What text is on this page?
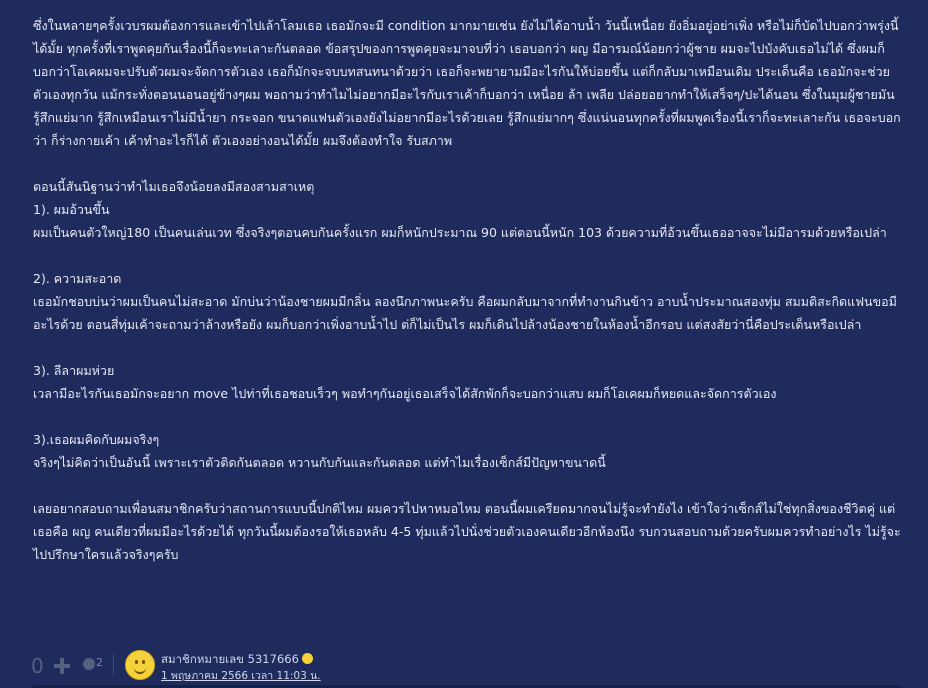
ซึ่งในหลายๆครั้งเวบรผมต้องการและเข้าไปเล้าโลมเธอ เธอมักจะมี condition มากมายเช่น ยังไม่ได้อาบน้ำ วันนี้เหนื่อย ยังอิ่มอยู่อย่าเพิ่ง หรือไม่ก็บัดไปบอกว่าพรุ่งนี้ได้มั้ย ทุกครั้งที่เราพูดคุยกันเรื่องนี้ก็จะทะเลาะกันตลอด ข้อสรุปของการพูดคุยจะมาจบที่ว่า เธอบอกว่า ผญ มีอารมณ์น้อยกว่าผู้ชาย ผมจะไปบังคับเธอไม่ได้ ซึ่งผมก็บอกว่าโอเคผมจะปรับตัวผมจะจัดการตัวเอง เธอก็มักจะจบบทสนทนาด้วยว่า เธอก็จะพยายามมีอะไรกันให้บ่อยขึ้น แต่ก็กลับมาเหมือนเดิม ประเด็นคือ เธอมักจะช่วยตัวเองทุกวัน แม้กระทั่งตอนนอนอยู่ข้างๆผม พอถามว่าทำไมไม่อยากมีอะไรกับเราเค้าก็บอกว่า เหนื่อย ล้า เพลีย ปล่อยอยากทำให้เสร็จๆ/ปะได้นอน ซึ่งในมุมผู้ชายมันรู้สึกแย่มาก รู้สึกเหมือนเราไม่มีน้ำยา กระจอก ขนาดแฟนตัวเองยังไม่อยากมีอะไรด้วยเลย รู้สึกแย่มากๆ ซึ่งแน่นอนทุกครั้งที่ผมพูดเรื่องนี้เราก็จะทะเลาะกัน เธอจะบอกว่า ก็ร่างกายเค้า เค้าทำอะไรก็ได้ ตัวเองอย่างอนได้มั้ย ผมจึงต้องทำใจ รับสภาพ

ตอนนี้สันนิฐานว่าทำไมเธอจึงน้อยลงมีสองสามสาเหตุ

1). ผมอ้วนขึ้น

ผมเป็นคนตัวใหญ่180 เป็นคนเล่นเวท ซึ่งจริงๆตอนคบกันครั้งแรก ผมก็หนักประมาณ 90 แต่ตอนนี้หนัก 103 ด้วยความที่อ้วนขึ้นเธออาจจะไม่มีอารมด้วยหรือเปล่า

2). ความสะอาด

เธอมักชอบบ่นว่าผมเป็นคนไม่สะอาด มักบ่นว่าน้องชายผมมีกลิ่น ลองนึกภาพนะครับ คือผมกลับมาจากที่ทำงานกินข้าว อาบน้ำประมาณสองทุ่ม สมมติสะกิดแฟนขอมีอะไรด้วย ตอนสี่ทุ่มเค้าจะถามว่าล้างหรือยัง ผมก็บอกว่าเพิ่งอาบน้ำไป ต่ก็ไม่เป็นไร ผมก็เดินไปล้างน้องชายในห้องน้ำอีกรอบ แต่สงสัยว่านี่คือประเด็นหรือเปล่า

3). ลีลาผมห่วย

เวลามีอะไรกันเธอมักจะอยาก move ไปท่าที่เธอชอบเร็วๆ พอทำๆกันอยู่เธอเสร็จได้สักพักก็จะบอกว่าแสบ ผมก็โอเคผมก็หยดและจัดการตัวเอง

3).เธอผมคิดกับผมจริงๆ

จริงๆไม่คิดว่าเป็นอันนี้ เพราะเราตัวติดกันตลอด หวานกับกันและกันตลอด แต่ทำไมเรื่องเซ็กส์มีปัญหาขนาดนี้

เลยอยากสอบถามเพื่อนสมาชิกครับว่าสถานการแบบนี้ปกติไหม ผมควรไปหาหมอไหม ตอนนี้ผมเครียดมากจนไม่รู้จะทำยังไง เข้าใจว่าเซ็กส์ไม่ใช่ทุกสิ่งของชีวิตคู่ แต่เธอคือ ผญ คนเดียวที่ผมมีอะไรด้วยได้ ทุกวันนี้ผมต้องรอให้เธอหลับ 4-5 ทุ่มแล้วไปนั่งช่วยตัวเองคนเดียวอีกห้องนึง รบกวนสอบถามด้วยครับผมควรทำอย่างไร ไม่รู้จะไปปรึกษาใครแล้วจริงๆครับ

0	2	สมาชิกหมายเลข 5317666
1 พฤษภาคม 2566 เวลา 11:03 น.
